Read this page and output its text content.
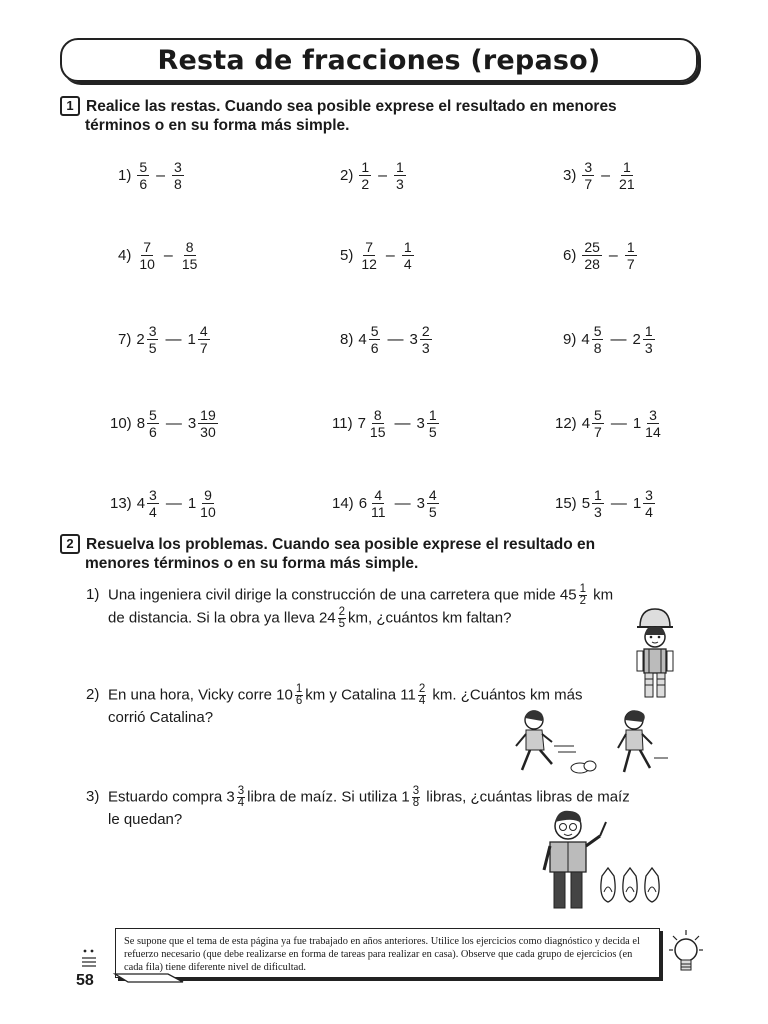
Resta de fracciones (repaso)
1 Realice las restas. Cuando sea posible exprese el resultado en menores
términos o en su forma más simple.
$1) \frac{5}{6} - \frac{3}{8}$	$2) \frac{1}{2} - \frac{1}{3}$	$3) \frac{3}{7} - \frac{1}{21}$
$4) \frac{7}{10} - \frac{8}{15}$	$5) \frac{7}{12} - \frac{1}{4}$	$6) \frac{25}{28} - \frac{1}{7}$
7) $2 \frac{3}{5}$ — $1 \frac{4}{7}$	8) $4 \frac{5}{6}$ — $3 \frac{2}{3}$	9) $4 \frac{5}{8}$ — $2 \frac{1}{3}$
10) $8 \frac{5}{6}$ — $3 \frac{19}{30}$	11) $7 \frac{8}{15}$ — $3 \frac{1}{5}$	12) $4 \frac{5}{7}$ — $1 \frac{3}{14}$
13) $4 \frac{3}{4}$ — $1 \frac{9}{10}$	14) $6 \frac{4}{11}$ — $3 \frac{4}{5}$	15) $5 \frac{1}{3}$ — $1 \frac{3}{4}$
2 Resuelva los problemas. Cuando sea posible exprese el resultado en
menores términos o en su forma más simple.
1) Una ingeniera civil dirige la construcción de una carretera que mide $45 \frac{1}{2}$ km
de distancia. Si la obra ya lleva $24 \frac{2}{5}$ km, ¿cuántos km faltan?
2) En una hora, Vicky corre $10 \frac{1}{6}$ km y Catalina $11 \frac{2}{4}$ km. ¿Cuántos km más
corrió Catalina?
3) Estuardo compra $3 \frac{3}{4}$ libra de maíz. Si utiliza $1 \frac{3}{8}$ libras, ¿cuántas libras de maíz
le quedan?
Se supone que el tema de esta página ya fue trabajado en años anteriores. Utilice los ejercicios como diagnóstico y decida el refuerzo necesario (que debe realizarse en forma de tareas para realizar en casa). Observe que cada grupo de ejercicios (en cada fila) tiene diferente nivel de dificultad.
58
